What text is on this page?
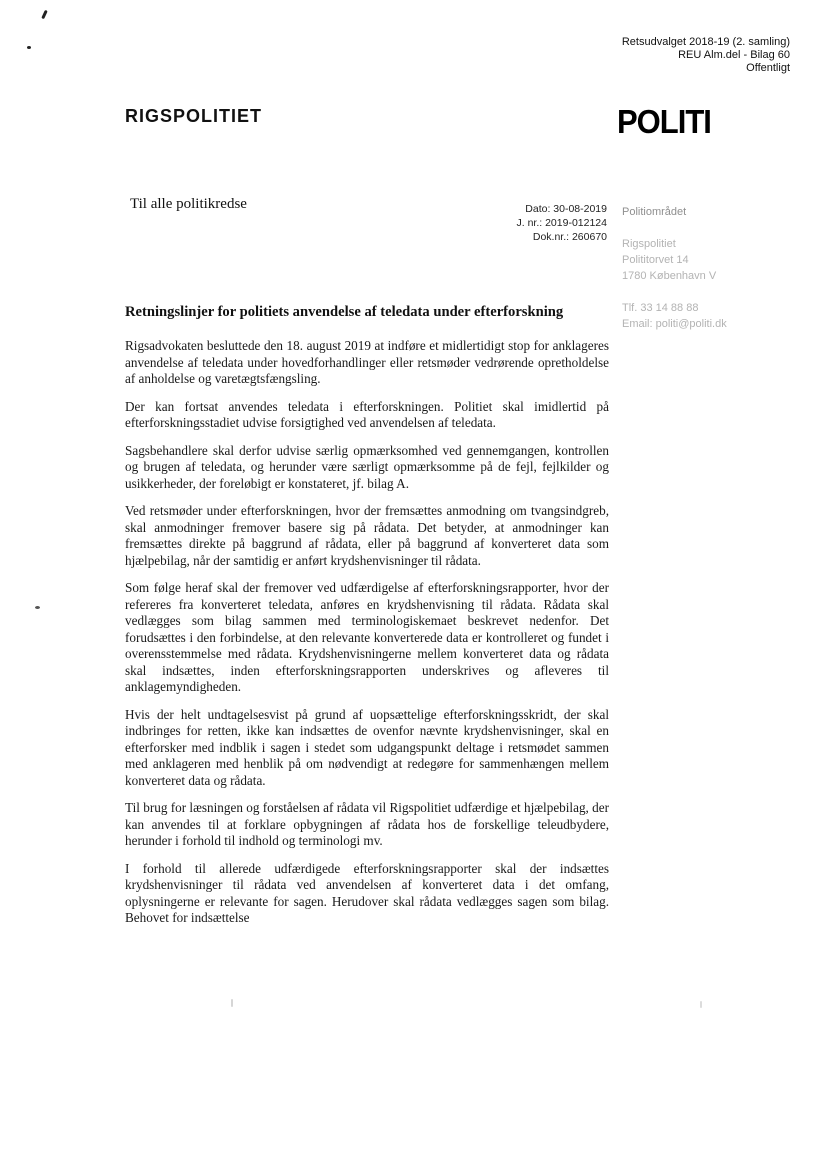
Retsudvalget 2018-19 (2. samling)
REU Alm.del - Bilag 60
Offentligt
RIGSPOLITIET	POLITI
Til alle politikredse	Dato: 30-08-2019
J. nr.: 2019-012124
Dok.nr.: 260670
Politiområdet
Rigspolitiet
Polititorvet 14
1780 København V
Tlf. 33 14 88 88
Email: politi@politi.dk
Retningslinjer for politiets anvendelse af teledata under efterforskning

Rigsadvokaten besluttede den 18. august 2019 at indføre et midlertidigt stop for anklageres anvendelse af teledata under hovedforhandlinger eller retsmøder vedrørende opretholdelse af anholdelse og varetægtsfængsling.

Der kan fortsat anvendes teledata i efterforskningen. Politiet skal imidlertid på efterforskningsstadiet udvise forsigtighed ved anvendelsen af teledata.

Sagsbehandlere skal derfor udvise særlig opmærksomhed ved gennemgangen, kontrollen og brugen af teledata, og herunder være særligt opmærksomme på de fejl, fejlkilder og usikkerheder, der foreløbigt er konstateret, jf. bilag A.

Ved retsmøder under efterforskningen, hvor der fremsættes anmodning om tvangsindgreb, skal anmodninger fremover basere sig på rådata. Det betyder, at anmodninger kan fremsættes direkte på baggrund af rådata, eller på baggrund af konverteret data som hjælpebilag, når der samtidig er anført krydshenvisninger til rådata.

Som følge heraf skal der fremover ved udfærdigelse af efterforskningsrapporter, hvor der refereres fra konverteret teledata, anføres en krydshenvisning til rådata. Rådata skal vedlægges som bilag sammen med terminologiskemaet beskrevet nedenfor. Det forudsættes i den forbindelse, at den relevante konverterede data er kontrolleret og fundet i overensstemmelse med rådata. Krydshenvisningerne mellem konverteret data og rådata skal indsættes, inden efterforskningsrapporten underskrives og afleveres til anklagemyndigheden.

Hvis der helt undtagelsesvist på grund af uopsættelige efterforskningsskridt, der skal indbringes for retten, ikke kan indsættes de ovenfor nævnte krydshenvisninger, skal en efterforsker med indblik i sagen i stedet som udgangspunkt deltage i retsmødet sammen med anklageren med henblik på om nødvendigt at redegøre for sammenhængen mellem konverteret data og rådata.

Til brug for læsningen og forståelsen af rådata vil Rigspolitiet udfærdige et hjælpebilag, der kan anvendes til at forklare opbygningen af rådata hos de forskellige teleudbydere, herunder i forhold til indhold og terminologi mv.

I forhold til allerede udfærdigede efterforskningsrapporter skal der indsættes krydshenvisninger til rådata ved anvendelsen af konverteret data i det omfang, oplysningerne er relevante for sagen. Herudover skal rådata vedlægges sagen som bilag. Behovet for indsættelse
